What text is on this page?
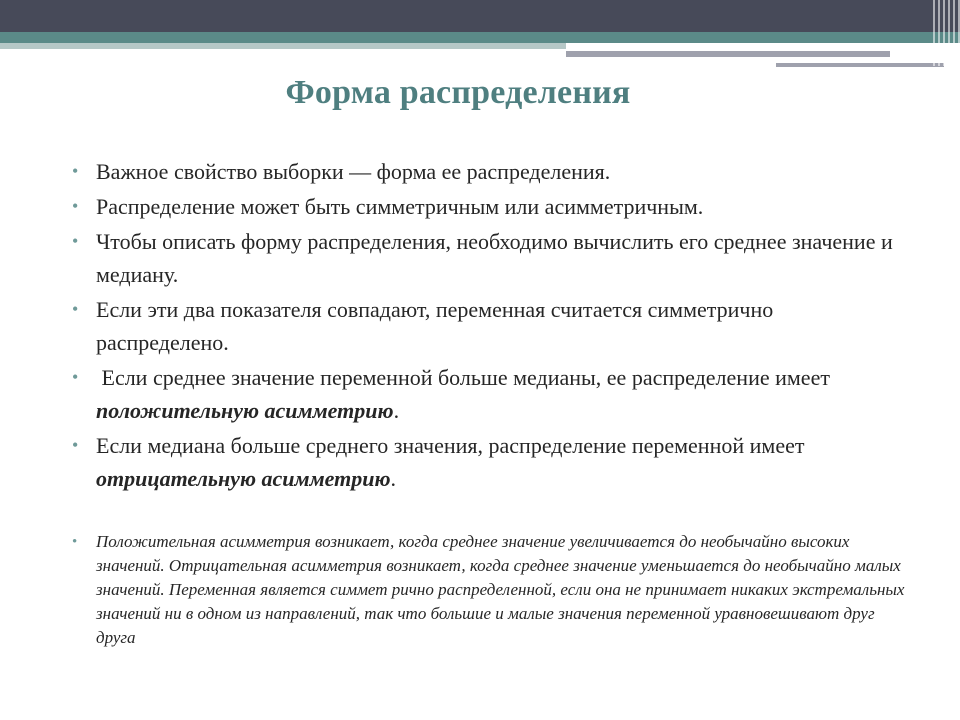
Форма распределения
• Важное свойство выборки — форма ее распределения.
• Распределение может быть симметричным или асимметричным.
• Чтобы описать форму распределения, необходимо вычислить его среднее значение и медиану.
• Если эти два показателя совпадают, переменная считается симметрично распределено.
• Если среднее значение переменной больше медианы, ее распределение имеет положительную асимметрию.
• Если медиана больше среднего значения, распределение переменной имеет отрицательную асимметрию.
• Положительная асимметрия возникает, когда среднее значение увеличивается до необычайно высоких значений. Отрицательная асимметрия возникает, когда среднее значение уменьшается до необычайно малых значений. Переменная является симмет рично распределенной, если она не принимает никаких экстремальных значений ни в одном из направлений, так что большие и малые значения переменной уравновешивают друг друга
